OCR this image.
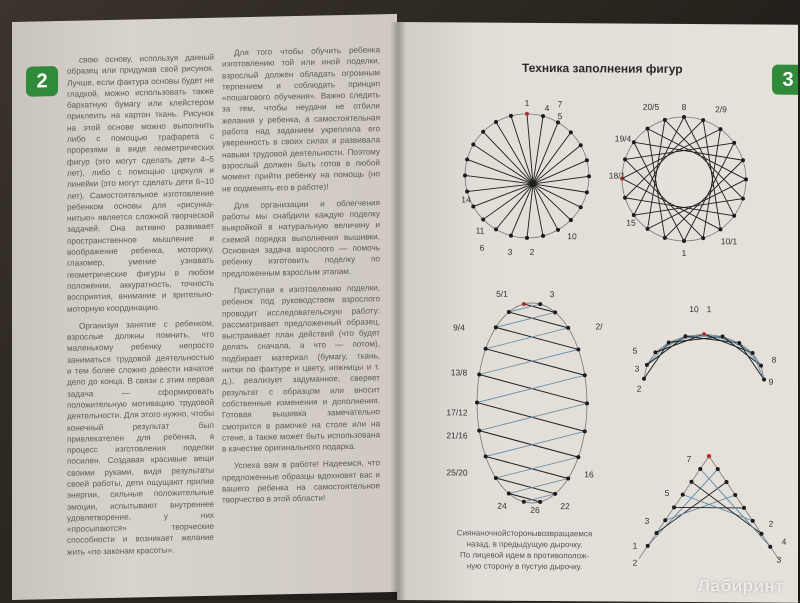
2

свою основу, используя данный образец или придумав свой рисунок. Лучше, если фактура основы будет не гладкой, можно использовать также бархатную бумагу или клейстером приклеить на картон ткань. Рисунок на этой основе можно выполнить либо с помощью трафарета с прорезями в виде геометрических фигур (это могут сделать дети 4–5 лет), либо с помощью циркуля и линейки (это могут сделать дети 6–10 лет). Самостоятельное изготовление ребенком основы для «рисунка-нитью» является сложной творческой задачей. Она активно развивает пространственное мышление и воображение ребенка, моторику, глазомер, умение узнавать геометрические фигуры в любом положении, аккуратность, точность восприятия, внимание и зрительно-моторную координацию.

Организуя занятие с ребенком, взрослые должны помнить, что маленькому ребенку непросто заниматься трудовой деятельностью и тем более сложно довести начатое дело до конца. В связи с этим первая задача — сформировать положительную мотивацию трудовой деятельности. Для этого нужно, чтобы конечный результат был привлекателен для ребенка, а процесс изготовления поделки посилен. Создавая красивые вещи своими руками, видя результаты своей работы, дети ощущают прилив энергии, сильные положительные эмоции, испытывают внутреннее удовлетворение, у них «просыпаются» творческие способности и возникает желание жить «по законам красоты».

Для того чтобы обучить ребенка изготовлению той или иной поделки, взрослый должен обладать огромным терпением и соблюдать принцип «пошагового обучения». Важно следить за тем, чтобы неудачи не отбили желания у ребенка, а самостоятельная работа над заданием укрепляла его уверенность в своих силах и развивала навыки трудовой деятельности. Поэтому взрослый должен быть готов в любой момент прийти ребенку на помощь (но не подменять его в работе)!

Для организации и облегчения работы мы снабдили каждую поделку выкройкой в натуральную величину и схемой порядка выполнения вышивки. Основная задача взрослого — помочь ребенку изготовить поделку по предложенным взрослым этапам.

Приступая к изготовлению поделки, ребенок под руководством взрослого проводит исследовательскую работу: рассматривает предложенный образец, выстраивает план действий (что будет делать сначала, а что — потом), подбирает материал (бумагу, ткань, нитки по фактуре и цвету, ножницы и т. д.), реализует задуманное, сверяет результат с образцом или вносит собственные изменения и дополнения. Готовая вышивка замечательно смотрится в рамочке на столе или на стене, а также может быть использована в качестве оригинального подарка.

Успеха вам в работе! Надеемся, что предложенные образцы вдохновят вас и вашего ребенка на самостоятельное творчество в этой области!

Техника заполнения фигур
3
1
4
5
7
6	3 2
10
11
14
20/5	8	2/9
19/4
18/1
15
10/1
1
5/1	3
2/
9/4
13/8
17/12
21/16
25/20	16
24	26 22
10 1
5
3
2
8
9
7
5
3
1
2	3
4
2

Сиянаночнойсторонывозвращаемся

назад, в предыдущую дырочку.

По лицевой идем в противополож-

ную сторону в пустую дырочку.

Лабиринт
